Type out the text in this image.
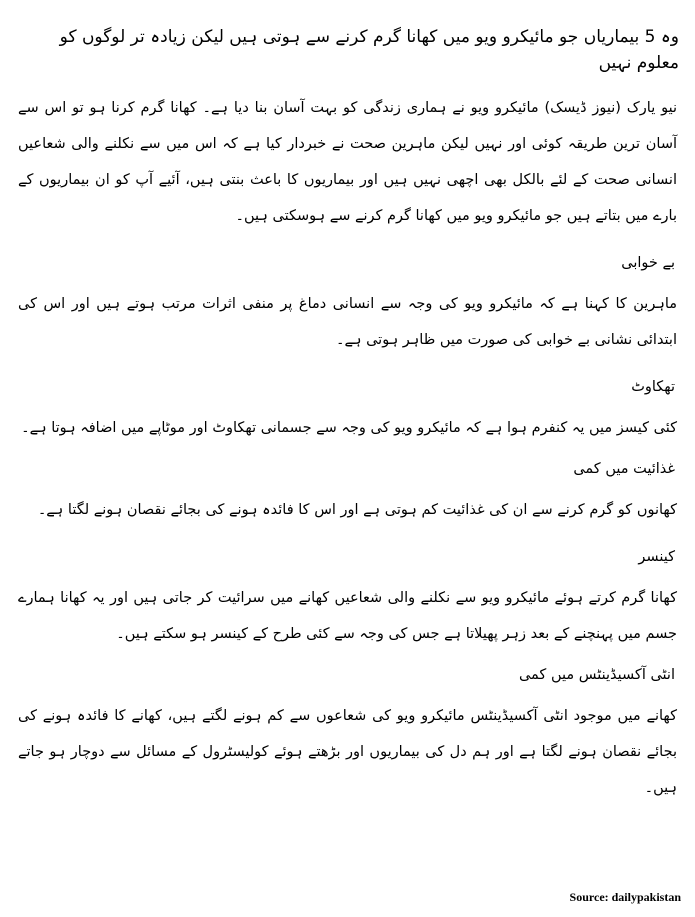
وہ 5 بیماریاں جو مائیکرو ویو میں کھانا گرم کرنے سے ہوتی ہیں لیکن زیادہ تر لوگوں کو معلوم نہیں

نیو یارک (نیوز ڈیسک) مائیکرو ویو نے ہماری زندگی کو بہت آسان بنا دیا ہے۔ کھانا گرم کرنا ہو تو اس سے آسان ترین طریقہ کوئی اور نہیں لیکن ماہرین صحت نے خبردار کیا ہے کہ اس میں سے نکلنے والی شعاعیں انسانی صحت کے لئے بالکل بھی اچھی نہیں ہیں اور بیماریوں کا باعث بنتی ہیں، آئیے آپ کو ان بیماریوں کے بارے میں بتاتے ہیں جو مائیکرو ویو میں کھانا گرم کرنے سے ہوسکتی ہیں۔

بے خوابی

ماہرین کا کہنا ہے کہ مائیکرو ویو کی وجہ سے انسانی دماغ پر منفی اثرات مرتب ہوتے ہیں اور اس کی ابتدائی نشانی بے خوابی کی صورت میں ظاہر ہوتی ہے۔

تھکاوٹ

کئی کیسز میں یہ کنفرم ہوا ہے کہ مائیکرو ویو کی وجہ سے جسمانی تھکاوٹ اور موٹاپے میں اضافہ ہوتا ہے۔

غذائیت میں کمی

کھانوں کو گرم کرنے سے ان کی غذائیت کم ہوتی ہے اور اس کا فائدہ ہونے کی بجائے نقصان ہونے لگتا ہے۔

کینسر

کھانا گرم کرتے ہوئے مائیکرو ویو سے نکلنے والی شعاعیں کھانے میں سرائیت کر جاتی ہیں اور یہ کھانا ہمارے جسم میں پہنچنے کے بعد زہر پھیلاتا ہے جس کی وجہ سے کئی طرح کے کینسر ہو سکتے ہیں۔

انٹی آکسیڈینٹس میں کمی

کھانے میں موجود انٹی آکسیڈینٹس مائیکرو ویو کی شعاعوں سے کم ہونے لگتے ہیں، کھانے کا فائدہ ہونے کی بجائے نقصان ہونے لگتا ہے اور ہم دل کی بیماریوں اور بڑھتے ہوئے کولیسٹرول کے مسائل سے دوچار ہو جاتے ہیں۔

Source: dailypakistan
